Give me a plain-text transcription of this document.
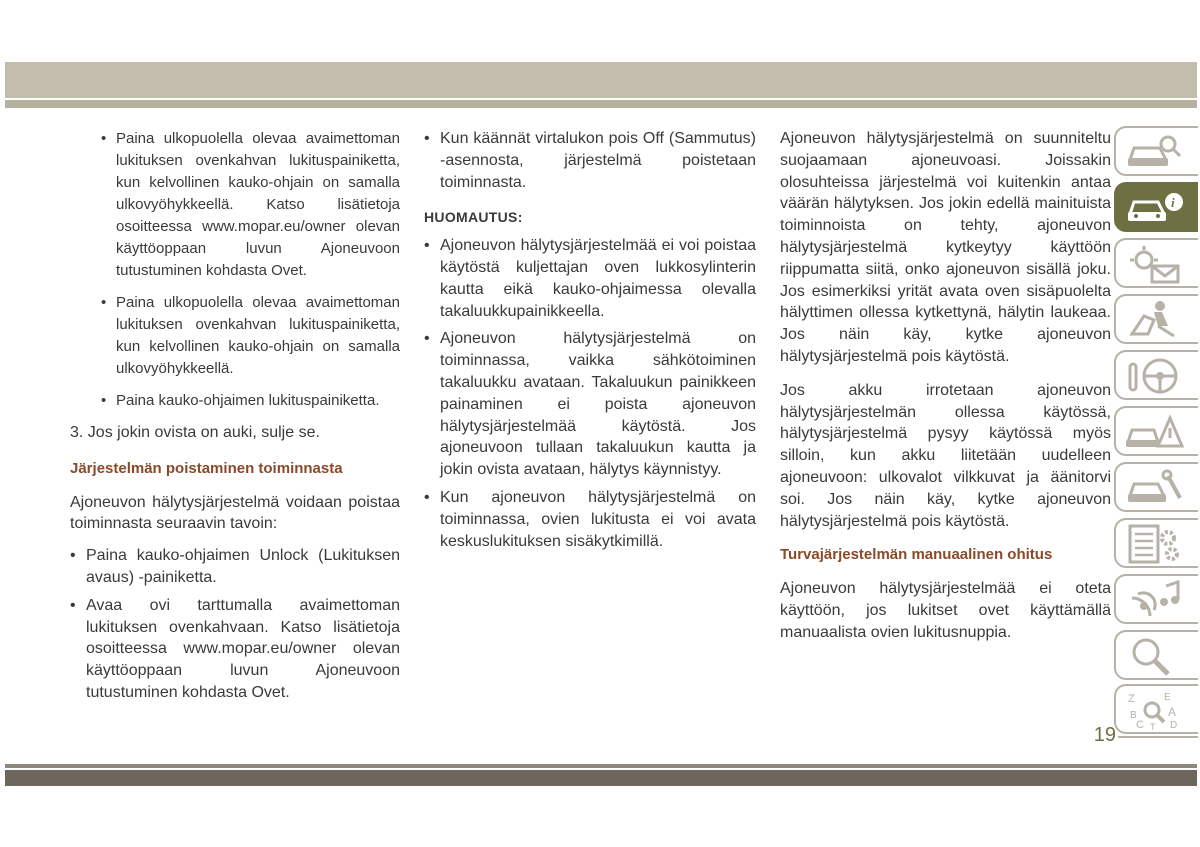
• Paina ulkopuolella olevaa avaimettoman lukituksen ovenkahvan lukituspainiketta, kun kelvollinen kauko-ohjain on samalla ulkovyöhykkeellä. Katso lisätietoja osoitteessa www.mopar.eu/owner olevan käyttöoppaan luvun Ajoneuvoon tutustuminen kohdasta Ovet.

• Paina ulkopuolella olevaa avaimettoman lukituksen ovenkahvan lukituspainiketta, kun kelvollinen kauko-ohjain on samalla ulkovyöhykkeellä.

• Paina kauko-ohjaimen lukituspainiketta.

3. Jos jokin ovista on auki, sulje se.

Järjestelmän poistaminen toiminnasta

Ajoneuvon hälytysjärjestelmä voidaan poistaa toiminnasta seuraavin tavoin:

• Paina kauko-ohjaimen Unlock (Lukituksen avaus) -painiketta.

• Avaa ovi tarttumalla avaimettoman lukituksen ovenkahvaan. Katso lisätietoja osoitteessa www.mopar.eu/owner olevan käyttöoppaan luvun Ajoneuvoon tutustuminen kohdasta Ovet.

• Kun käännät virtalukon pois Off (Sammutus) -asennosta, järjestelmä poistetaan toiminnasta.

HUOMAUTUS:

• Ajoneuvon hälytysjärjestelmää ei voi poistaa käytöstä kuljettajan oven lukkosylinterin kautta eikä kauko-ohjaimessa olevalla takaluukkupainikkeella.

• Ajoneuvon hälytysjärjestelmä on toiminnassa, vaikka sähkötoiminen takaluukku avataan. Takaluukun painikkeen painaminen ei poista ajoneuvon hälytysjärjestelmää käytöstä. Jos ajoneuvoon tullaan takaluukun kautta ja jokin ovista avataan, hälytys käynnistyy.

• Kun ajoneuvon hälytysjärjestelmä on toiminnassa, ovien lukitusta ei voi avata keskuslukituksen sisäkytkimillä.

Ajoneuvon hälytysjärjestelmä on suunniteltu suojaamaan ajoneuvoasi. Joissakin olosuhteissa järjestelmä voi kuitenkin antaa väärän hälytyksen. Jos jokin edellä mainituista toiminnoista on tehty, ajoneuvon hälytysjärjestelmä kytkeytyy käyttöön riippumatta siitä, onko ajoneuvon sisällä joku. Jos esimerkiksi yrität avata oven sisäpuolelta hälyttimen ollessa kytkettynä, hälytin laukeaa. Jos näin käy, kytke ajoneuvon hälytysjärjestelmä pois käytöstä.

Jos akku irrotetaan ajoneuvon hälytysjärjestelmän ollessa käytössä, hälytysjärjestelmä pysyy käytössä myös silloin, kun akku liitetään uudelleen ajoneuvoon: ulkovalot vilkkuvat ja äänitorvi soi. Jos näin käy, kytke ajoneuvon hälytysjärjestelmä pois käytöstä.

Turvajärjestelmän manuaalinen ohitus

Ajoneuvon hälytysjärjestelmää ei oteta käyttöön, jos lukitset ovet käyttämällä manuaalista ovien lukitusnuppia.

i
Z	E
B	A
C T D
19
